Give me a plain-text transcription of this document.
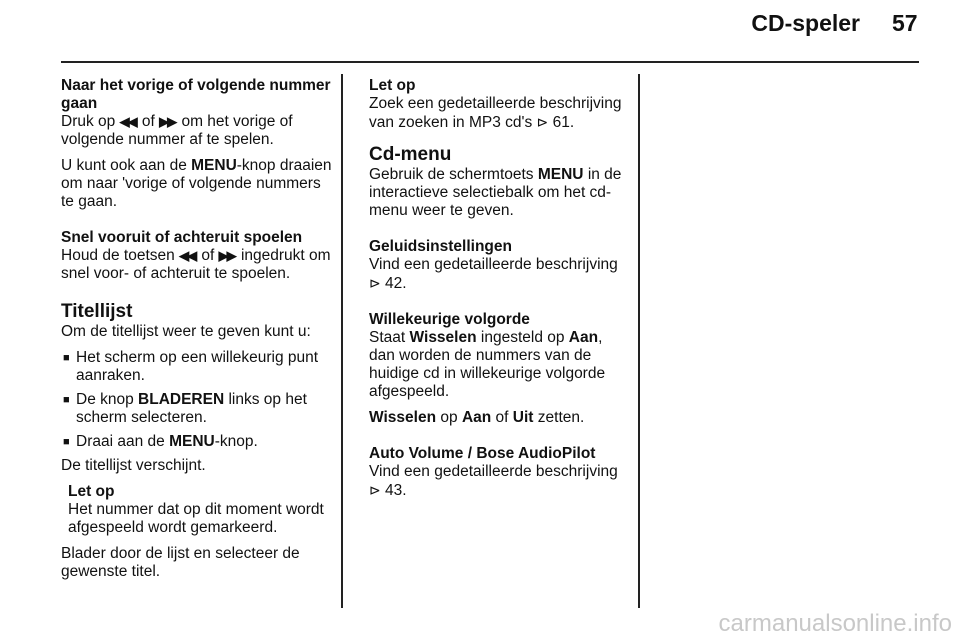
CD-speler 57

Naar het vorige of volgende nummer gaan

Druk op ◀◀ of ▶▶ om het vorige of volgende nummer af te spelen.

U kunt ook aan de MENU-knop draaien om naar 'vorige of volgende nummers te gaan.

Snel vooruit of achteruit spoelen

Houd de toetsen ◀◀ of ▶▶ ingedrukt om snel voor- of achteruit te spoelen.

Titellijst

Om de titellijst weer te geven kunt u:

■ Het scherm op een willekeurig punt aanraken.
■ De knop BLADEREN links op het scherm selecteren.
■ Draai aan de MENU-knop.

De titellijst verschijnt.

Let op
Het nummer dat op dit moment wordt afgespeeld wordt gemarkeerd.

Blader door de lijst en selecteer de gewenste titel.

Let op
Zoek een gedetailleerde beschrijving van zoeken in MP3 cd's ⊳ 61.

Cd-menu

Gebruik de schermtoets MENU in de interactieve selectiebalk om het cd-menu weer te geven.

Geluidsinstellingen

Vind een gedetailleerde beschrijving
⊳ 42.

Willekeurige volgorde

Staat Wisselen ingesteld op Aan, dan worden de nummers van de huidige cd in willekeurige volgorde afgespeeld.

Wisselen op Aan of Uit zetten.

Auto Volume / Bose AudioPilot

Vind een gedetailleerde beschrijving
⊳ 43.

carmanualsonline.info
